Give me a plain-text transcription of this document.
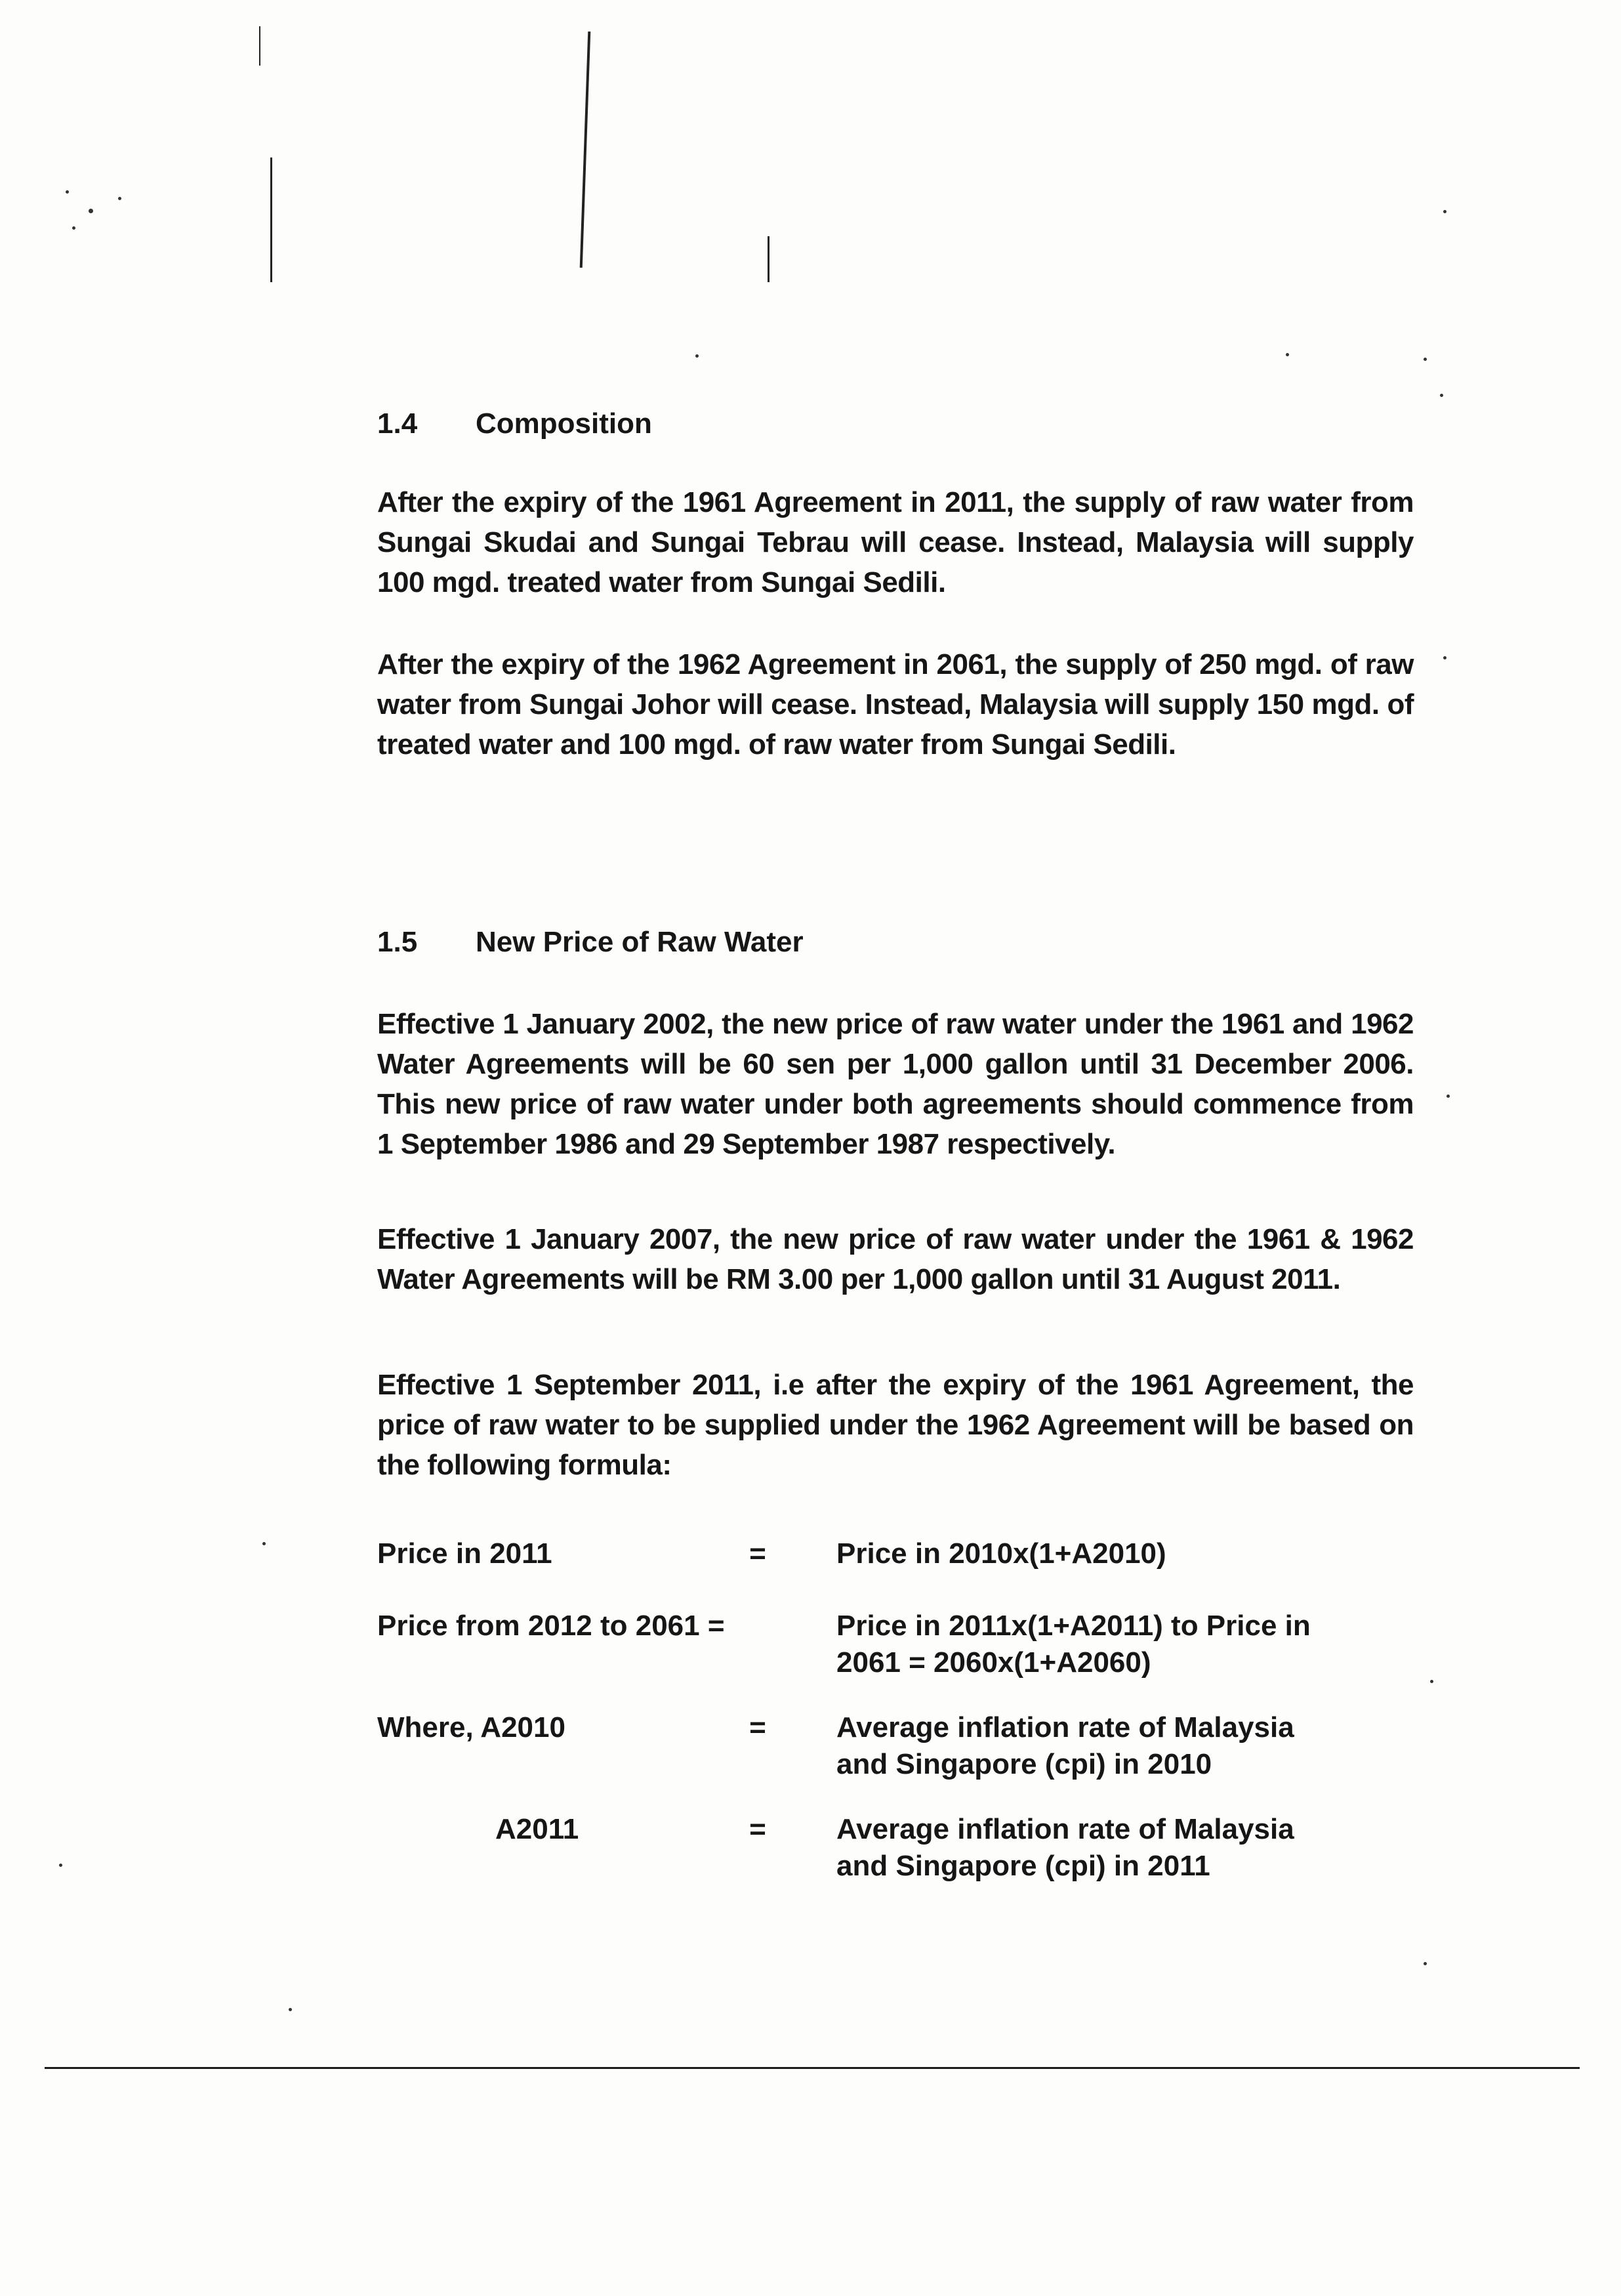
1.4	Composition

After the expiry of the 1961 Agreement in 2011, the supply of raw water from Sungai Skudai and Sungai Tebrau will cease. Instead, Malaysia will supply 100 mgd. treated water from Sungai Sedili.

After the expiry of the 1962 Agreement in 2061, the supply of 250 mgd. of raw water from Sungai Johor will cease. Instead, Malaysia will supply 150 mgd. of treated water and 100 mgd. of raw water from Sungai Sedili.

1.5	New Price of Raw Water

Effective 1 January 2002, the new price of raw water under the 1961 and 1962 Water Agreements will be 60 sen per 1,000 gallon until 31 December 2006. This new price of raw water under both agreements should commence from 1 September 1986 and 29 September 1987 respectively.

Effective 1 January 2007, the new price of raw water under the 1961 & 1962 Water Agreements will be RM 3.00 per 1,000 gallon until 31 August 2011.

Effective 1 September 2011, i.e after the expiry of the 1961 Agreement, the price of raw water to be supplied under the 1962 Agreement will be based on the following formula:

Price in 2011	= Price in 2010x(1+A2010)
Price from 2012 to 2061 =	Price in 2011x(1+A2011) to Price in
2061 = 2060x(1+A2060)
Where, A2010	= Average inflation rate of Malaysia
and Singapore (cpi) in 2010
A2011	= Average inflation rate of Malaysia
and Singapore (cpi) in 2011
